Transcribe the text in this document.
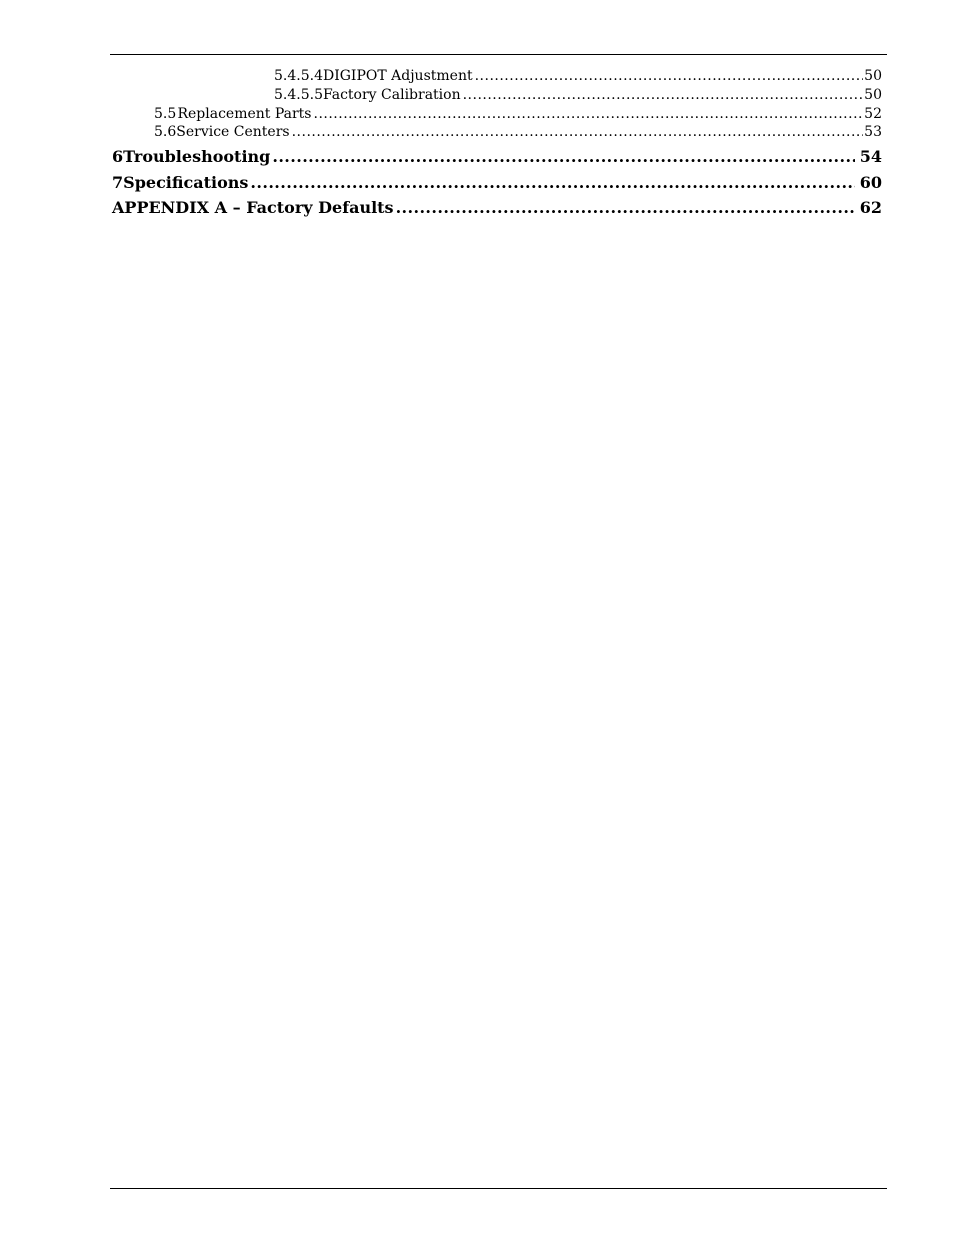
5.4.5.4 DIGIPOT Adjustment .....	50
5.4.5.5 Factory Calibration .....	50
5.5 Replacement Parts .....	52
5.6 Service Centers .....	53
6 Troubleshooting .....	54
7 Specifications .....	60
APPENDIX A – Factory Defaults .....	62
